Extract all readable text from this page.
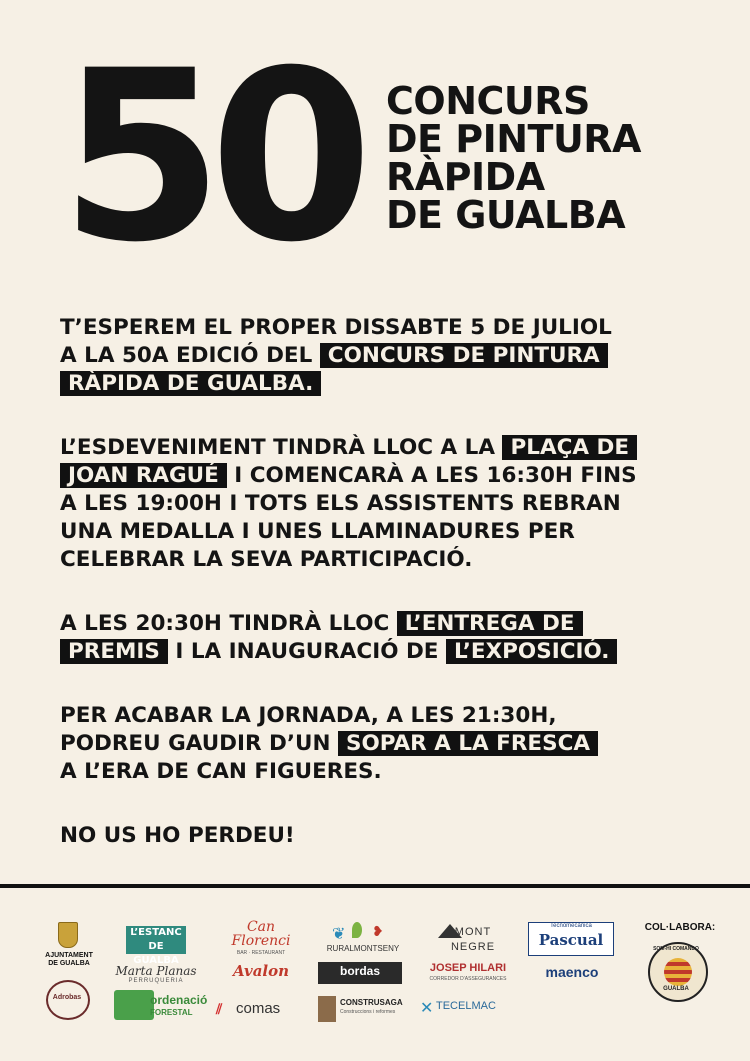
50 CONCURS
DE PINTURA
RÀPIDA
DE GUALBA
T’ESPEREM EL PROPER DISSABTE 5 DE JULIOL
A LA 50A EDICIÓ DEL CONCURS DE PINTURA
RÀPIDA DE GUALBA.
L’ESDEVENIMENT TINDRÀ LLOC A LA PLAÇA DE
JOAN RAGUÉ I COMENCARÀ A LES 16:30H FINS
A LES 19:00H I TOTS ELS ASSISTENTS REBRAN
UNA MEDALLA I UNES LLAMINADURES PER
CELEBRAR LA SEVA PARTICIPACIÓ.
A LES 20:30H TINDRÀ LLOC L’ENTREGA DE
PREMIS I LA INAUGURACIÓ DE L’EXPOSICIÓ.
PER ACABAR LA JORNADA, A LES 21:30H,
PODREU GAUDIR D’UN SOPAR A LA FRESCA
A L’ERA DE CAN FIGUERES.
NO US HO PERDEU!
AJUNTAMENT
DE GUALBA
L’ESTANC
DE GUALBA
Can
Florenci
BAR · RESTAURANT
❦ ❥
RURALMONTSENY
MONT
NEGRE
Tecnomecànica
Pascual
COL·LABORA:
Marta Planas
PERRUQUERIA
Avalon	bordas	JOSEP HILARI
CORREDOR D’ASSEGURANCES	maenco
Adrobas	ordenació
FORESTAL	⫽ comas	CONSTRUSAGA
Construccions i reformes	✕ TECELMAC
SOM-HI COMANDO
GUALBA
